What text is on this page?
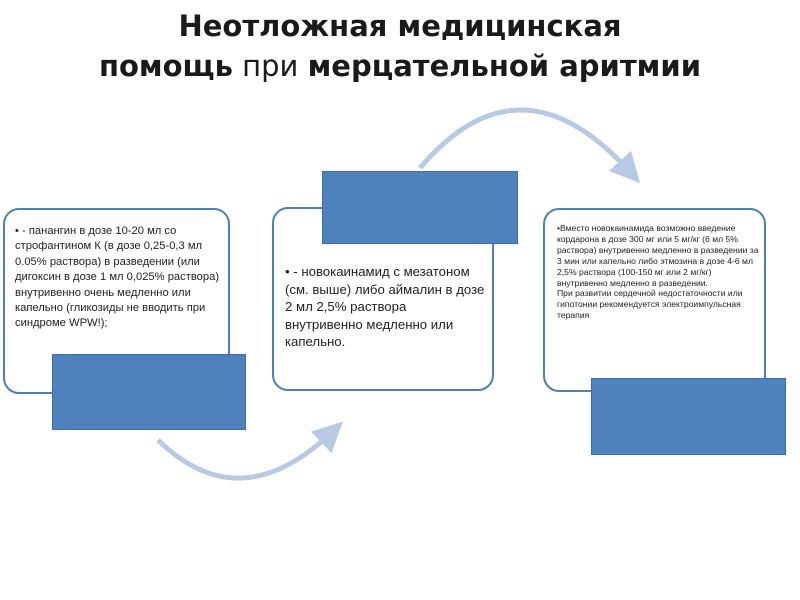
Неотложная медицинская
помощь при мерцательной аритмии
• - панангин в дозе 10-20 мл со строфантином К (в дозе 0,25-0,3 мл 0.05% раствора) в разведении (или дигоксин в дозе 1 мл 0,025% раствора) внутривенно очень медленно или капельно (гликозиды не вводить при синдроме WPW!);
• - новокаинамид с мезатоном (см. выше) либо аймалин в дозе 2 мл 2,5% раствора внутривенно медленно или капельно.
•Вместо новокаинамида возможно введение кордарона в дозе 300 мг или 5 мг/кг (6 мл 5% раствора) внутривенно медленно в разведении за 3 мин или капельно либо этмозина в дозе 4-6 мл 2,5% раствора (100-150 мг или 2 мг/кг) внутривенно медленно в разведении.
При развитии сердечной недостаточности или гипотонии рекомендуется электроимпульсная терапия
